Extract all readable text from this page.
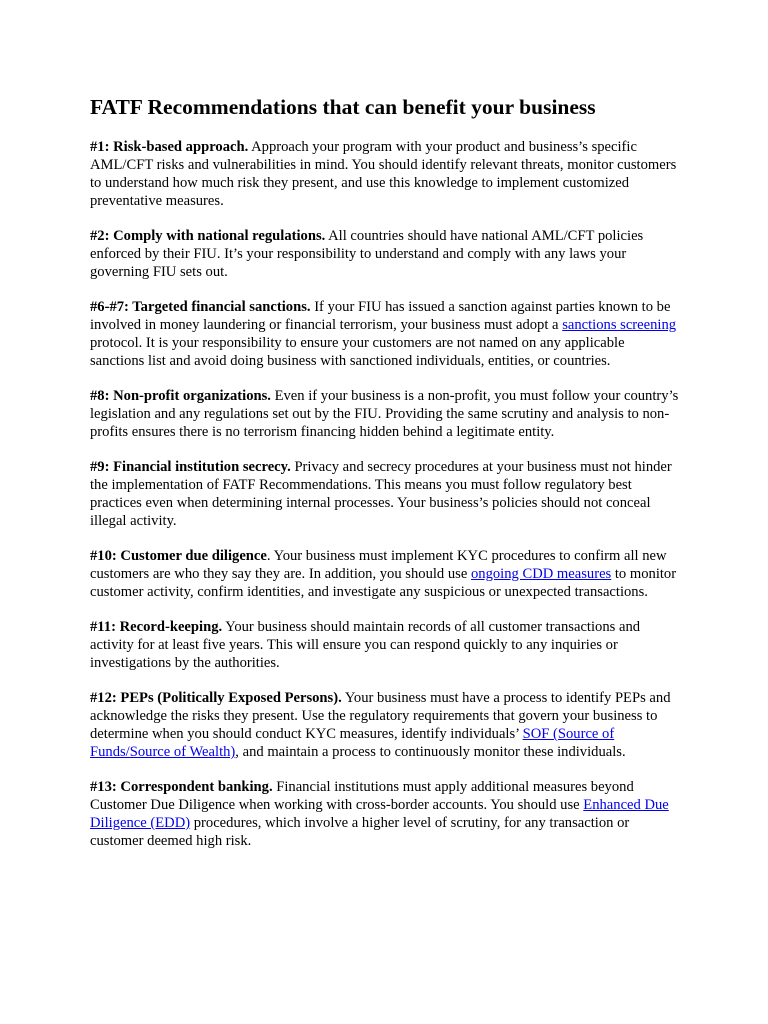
FATF Recommendations that can benefit your business

#1: Risk-based approach. Approach your program with your product and business’s specific AML/CFT risks and vulnerabilities in mind. You should identify relevant threats, monitor customers to understand how much risk they present, and use this knowledge to implement customized preventative measures.

#2: Comply with national regulations. All countries should have national AML/CFT policies enforced by their FIU. It’s your responsibility to understand and comply with any laws your governing FIU sets out.

#6-#7: Targeted financial sanctions. If your FIU has issued a sanction against parties known to be involved in money laundering or financial terrorism, your business must adopt a sanctions screening protocol. It is your responsibility to ensure your customers are not named on any applicable sanctions list and avoid doing business with sanctioned individuals, entities, or countries.

#8: Non-profit organizations. Even if your business is a non-profit, you must follow your country’s legislation and any regulations set out by the FIU. Providing the same scrutiny and analysis to non-profits ensures there is no terrorism financing hidden behind a legitimate entity.

#9: Financial institution secrecy. Privacy and secrecy procedures at your business must not hinder the implementation of FATF Recommendations. This means you must follow regulatory best practices even when determining internal processes. Your business’s policies should not conceal illegal activity.

#10: Customer due diligence. Your business must implement KYC procedures to confirm all new customers are who they say they are. In addition, you should use ongoing CDD measures to monitor customer activity, confirm identities, and investigate any suspicious or unexpected transactions.

#11: Record-keeping. Your business should maintain records of all customer transactions and activity for at least five years. This will ensure you can respond quickly to any inquiries or investigations by the authorities.

#12: PEPs (Politically Exposed Persons). Your business must have a process to identify PEPs and acknowledge the risks they present. Use the regulatory requirements that govern your business to determine when you should conduct KYC measures, identify individuals’ SOF (Source of Funds/Source of Wealth), and maintain a process to continuously monitor these individuals.

#13: Correspondent banking. Financial institutions must apply additional measures beyond Customer Due Diligence when working with cross-border accounts. You should use Enhanced Due Diligence (EDD) procedures, which involve a higher level of scrutiny, for any transaction or customer deemed high risk.
